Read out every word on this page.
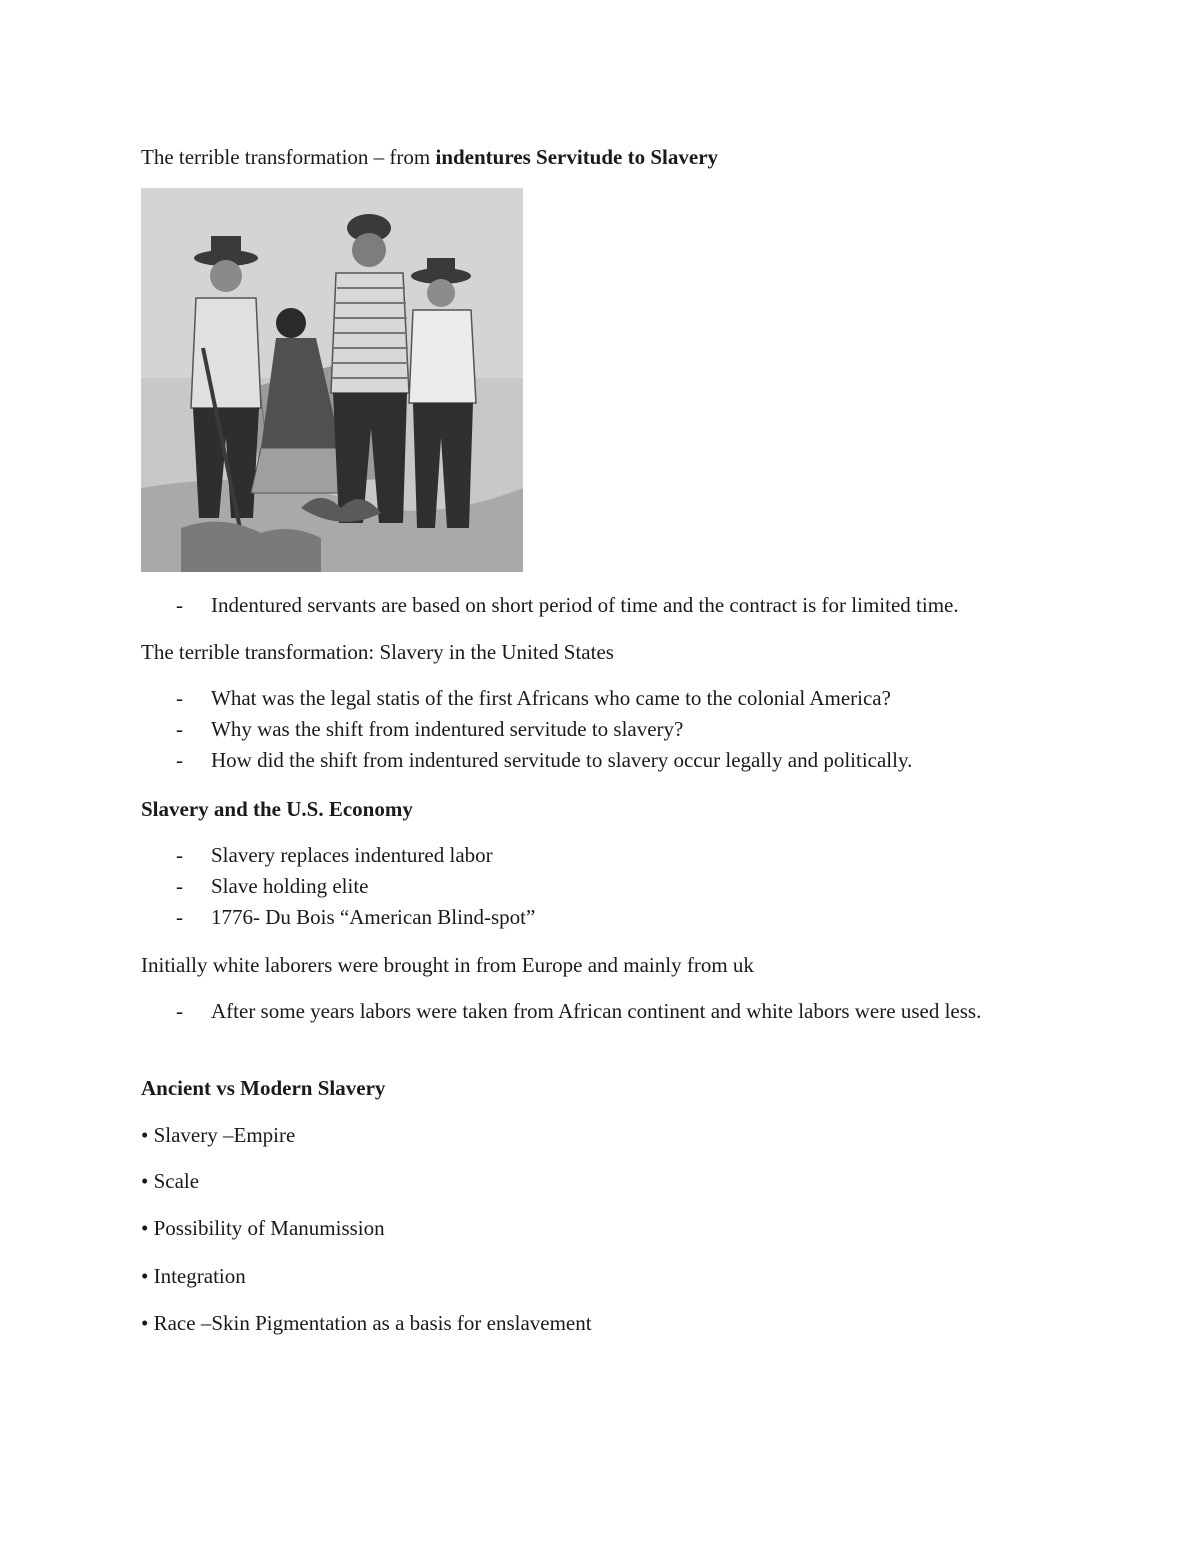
The terrible transformation – from indentures Servitude to Slavery
-	Indentured servants are based on short period of time and the contract is for limited time.
The terrible transformation: Slavery in the United States
-	What was the legal statis of the first Africans who came to the colonial America?
-	Why was the shift from indentured servitude to slavery?
-	How did the shift from indentured servitude to slavery occur legally and politically.
Slavery and the U.S. Economy
-	Slavery replaces indentured labor
-	Slave holding elite
-	1776- Du Bois “American Blind-spot”
Initially white laborers were brought in from Europe and mainly from uk
-	After some years labors were taken from African continent and white labors were used less.
Ancient vs Modern Slavery
• Slavery –Empire
• Scale
• Possibility of Manumission
• Integration
• Race –Skin Pigmentation as a basis for enslavement
